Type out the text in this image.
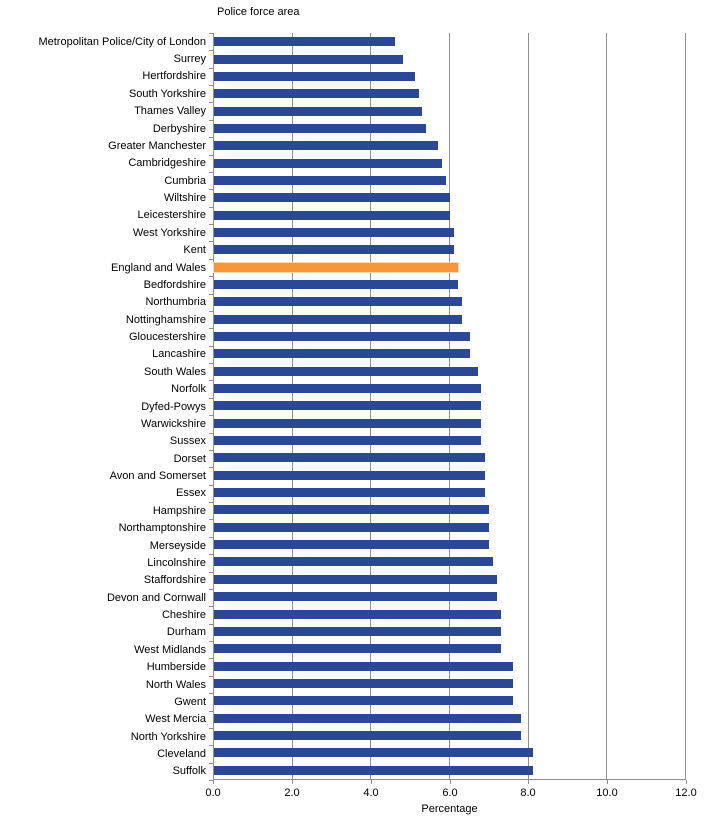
Police force area
Metropolitan Police/City of London
Surrey
Hertfordshire
South Yorkshire
Thames Valley
Derbyshire
Greater Manchester
Cambridgeshire
Cumbria
Wiltshire
Leicestershire
West Yorkshire
Kent
England and Wales
Bedfordshire
Northumbria
Nottinghamshire
Gloucestershire
Lancashire
South Wales
Norfolk
Dyfed-Powys
Warwickshire
Sussex
Dorset
Avon and Somerset
Essex
Hampshire
Northamptonshire
Merseyside
Lincolnshire
Staffordshire
Devon and Cornwall
Cheshire
Durham
West Midlands
Humberside
North Wales
Gwent
West Mercia
North Yorkshire
Cleveland
Suffolk
0.0	2.0	4.0	6.0	8.0	10.0	12.0
Percentage
